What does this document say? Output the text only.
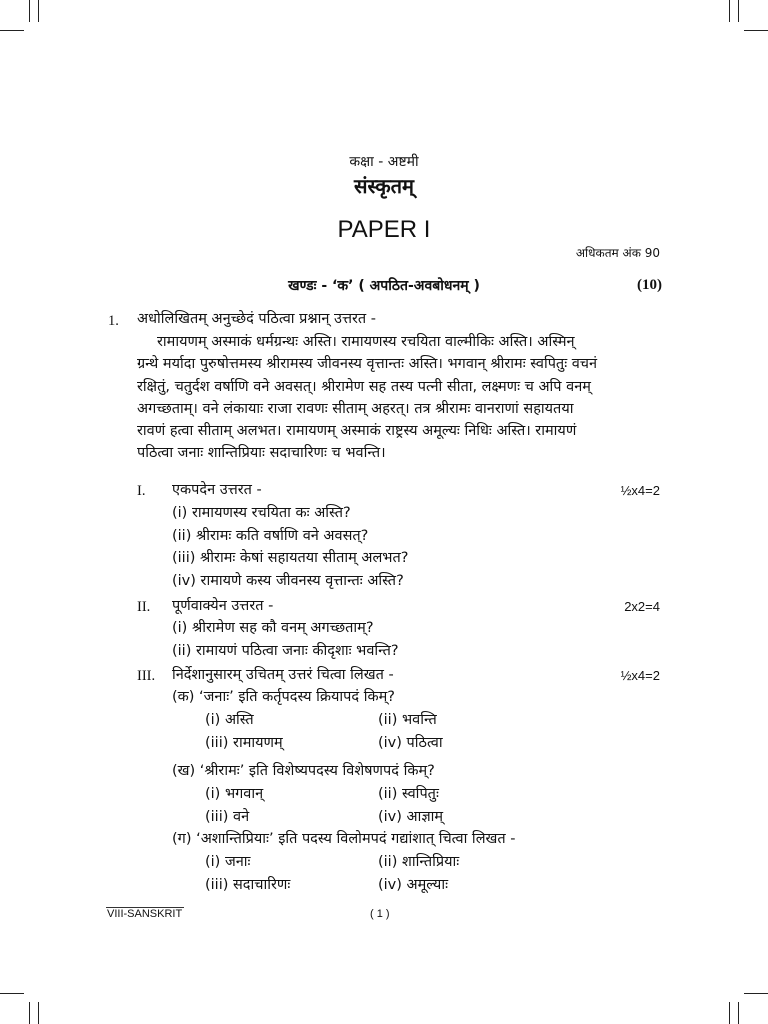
कक्षा - अष्टमी
संस्कृतम्
PAPER I
अधिकतम अंक 90
खण्डः - ‘क’ ( अपठित-अवबोधनम् )	(10)
1. अधोलिखितम् अनुच्छेदं पठित्वा प्रश्नान् उत्तरत -
रामायणम् अस्माकं धर्मग्रन्थः अस्ति। रामायणस्य रचयिता वाल्मीकिः अस्ति। अस्मिन्
ग्रन्थे मर्यादा पुरुषोत्तमस्य श्रीरामस्य जीवनस्य वृत्तान्तः अस्ति। भगवान् श्रीरामः स्वपितुः वचनं
रक्षितुं, चतुर्दश वर्षाणि वने अवसत्। श्रीरामेण सह तस्य पत्नी सीता, लक्ष्मणः च अपि वनम्
अगच्छताम्। वने लंकायाः राजा रावणः सीताम् अहरत्। तत्र श्रीरामः वानराणां सहायतया
रावणं हत्वा सीताम् अलभत। रामायणम् अस्माकं राष्ट्रस्य अमूल्यः निधिः अस्ति। रामायणं
पठित्वा जनाः शान्तिप्रियाः सदाचारिणः च भवन्ति।
I. एकपदेन उत्तरत -	½x4=2
(i) रामायणस्य रचयिता कः अस्ति?
(ii) श्रीरामः कति वर्षाणि वने अवसत्?
(iii) श्रीरामः केषां सहायतया सीताम् अलभत?
(iv) रामायणे कस्य जीवनस्य वृत्तान्तः अस्ति?
II. पूर्णवाक्येन उत्तरत -	2x2=4
(i) श्रीरामेण सह कौ वनम् अगच्छताम्?
(ii) रामायणं पठित्वा जनाः कीदृशाः भवन्ति?
III. निर्देशानुसारम् उचितम् उत्तरं चित्वा लिखत -	½x4=2
(क) ‘जनाः’ इति कर्तृपदस्य क्रियापदं किम्?
(i) अस्ति	(ii) भवन्ति
(iii) रामायणम्	(iv) पठित्वा
(ख) ‘श्रीरामः’ इति विशेष्यपदस्य विशेषणपदं किम्?
(i) भगवान्	(ii) स्वपितुः
(iii) वने	(iv) आज्ञाम्
(ग) ‘अशान्तिप्रियाः’ इति पदस्य विलोमपदं गद्यांशात् चित्वा लिखत -
(i) जनाः	(ii) शान्तिप्रियाः
(iii) सदाचारिणः	(iv) अमूल्याः
VIII-SANSKRIT	( 1 )
